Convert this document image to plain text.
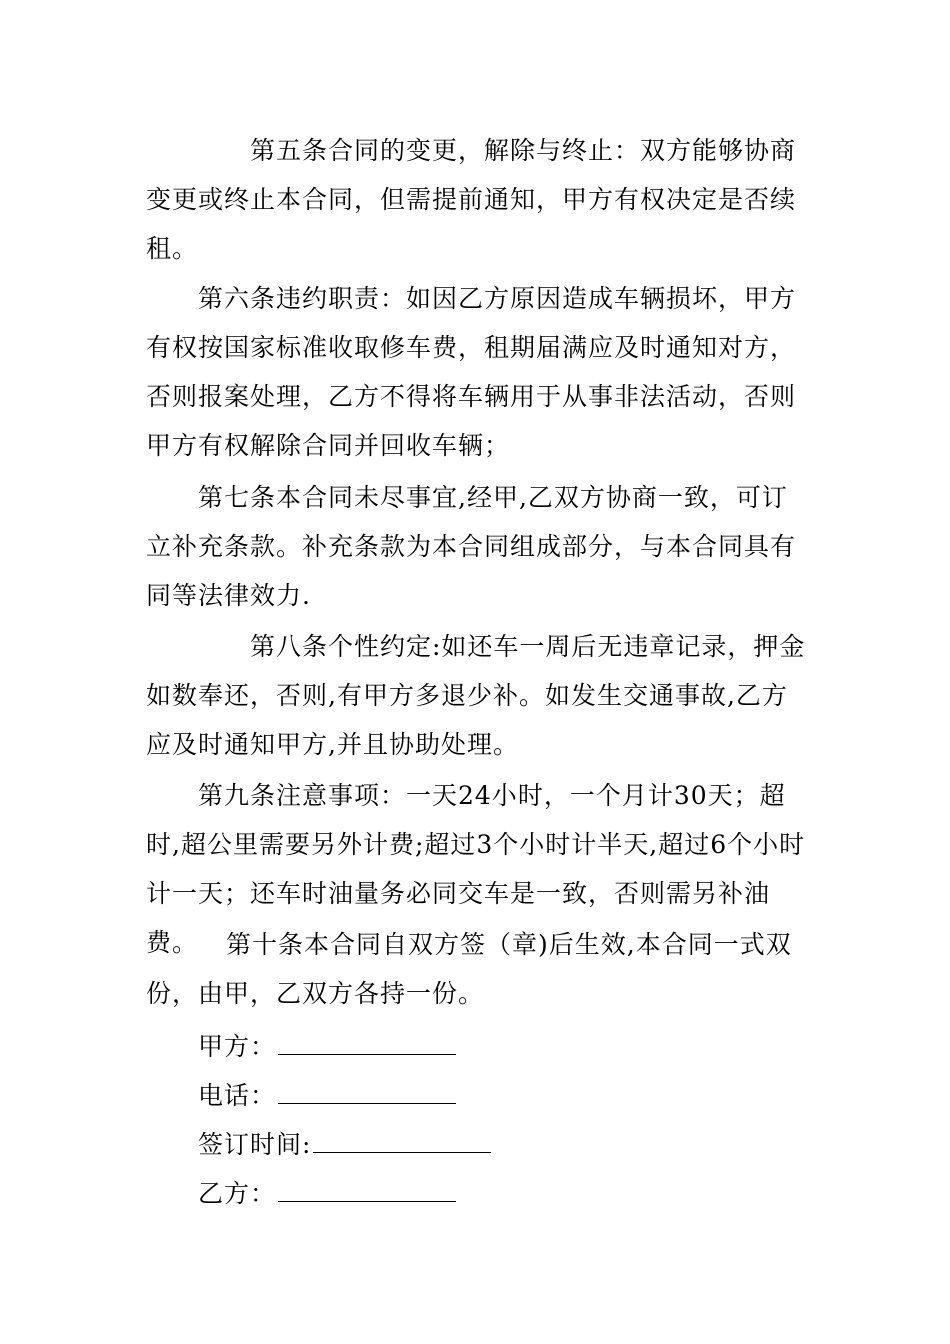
第五条合同的变更，解除与终止：双方能够协商变更或终止本合同，但需提前通知，甲方有权决定是否续租。

第六条违约职责：如因乙方原因造成车辆损坏，甲方有权按国家标准收取修车费，租期届满应及时通知对方，否则报案处理，乙方不得将车辆用于从事非法活动，否则甲方有权解除合同并回收车辆；

第七条本合同未尽事宜,经甲,乙双方协商一致，可订立补充条款。补充条款为本合同组成部分，与本合同具有同等法律效力.

第八条个性约定:如还车一周后无违章记录，押金如数奉还，否则,有甲方多退少补。如发生交通事故,乙方应及时通知甲方,并且协助处理。

第九条注意事项：一天24小时，一个月计30天；超时,超公里需要另外计费;超过3个小时计半天,超过6个小时计一天；还车时油量务必同交车是一致，否则需另补油费。	第十条本合同自双方签（章)后生效,本合同一式双份，由甲，乙双方各持一份。

甲方：
电话：
签订时间:
乙方：
